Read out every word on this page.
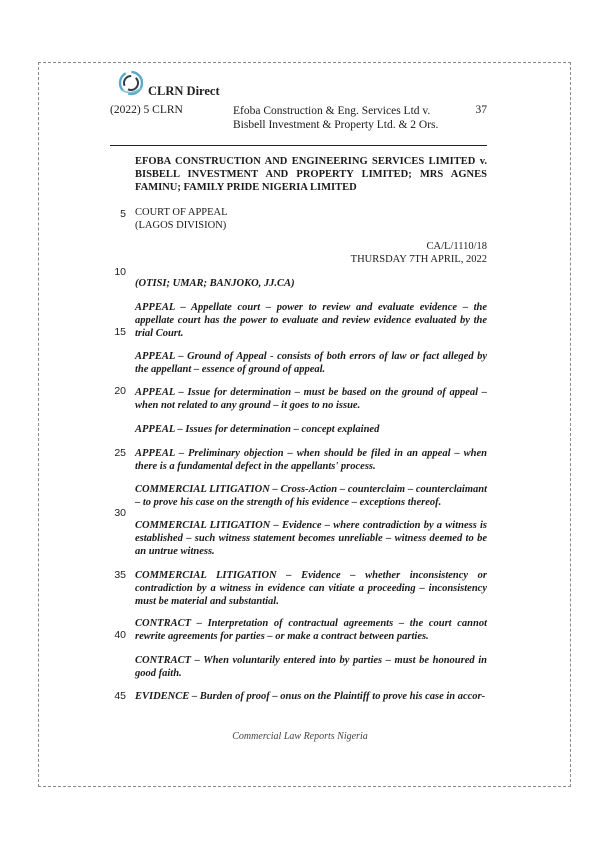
CLRN Direct
(2022) 5 CLRN	Efoba Construction & Eng. Services Ltd v.
Bisbell Investment & Property Ltd. & 2 Ors.
37
5
10
15
20
25
30
35
40
45
EFOBA CONSTRUCTION AND ENGINEERING SERVICES LIMITED v. BISBELL INVESTMENT AND PROPERTY LIMITED; MRS AGNES FAMINU; FAMILY PRIDE NIGERIA LIMITED
COURT OF APPEAL
(LAGOS DIVISION)
CA/L/1110/18
THURSDAY 7TH APRIL, 2022
(OTISI; UMAR; BANJOKO, JJ.CA)
APPEAL – Appellate court – power to review and evaluate evidence – the appellate court has the power to evaluate and review evidence evaluated by the trial Court.
APPEAL – Ground of Appeal - consists of both errors of law or fact alleged by the appellant – essence of ground of appeal.
APPEAL – Issue for determination – must be based on the ground of appeal – when not related to any ground – it goes to no issue.
APPEAL – Issues for determination – concept explained
APPEAL – Preliminary objection – when should be filed in an appeal – when there is a fundamental defect in the appellants' process.
COMMERCIAL LITIGATION – Cross-Action – counterclaim – counterclaimant – to prove his case on the strength of his evidence – exceptions thereof.
COMMERCIAL LITIGATION – Evidence – where contradiction by a witness is established – such witness statement becomes unreliable – witness deemed to be an untrue witness.
COMMERCIAL LITIGATION – Evidence – whether inconsistency or contradiction by a witness in evidence can vitiate a proceeding – inconsistency must be material and substantial.
CONTRACT – Interpretation of contractual agreements – the court cannot rewrite agreements for parties – or make a contract between parties.
CONTRACT – When voluntarily entered into by parties – must be honoured in good faith.
EVIDENCE – Burden of proof – onus on the Plaintiff to prove his case in accor-
Commercial Law Reports Nigeria
